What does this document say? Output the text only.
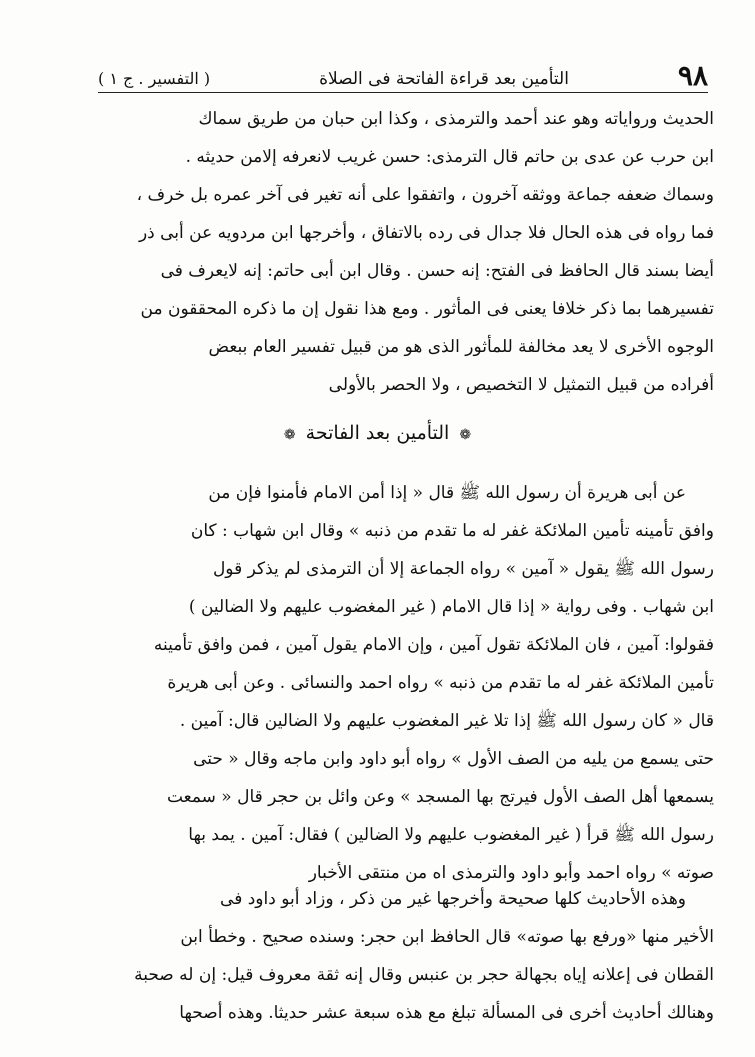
٩٨
التأمين بعد قراءة الفاتحة فى الصلاة
( التفسير . ج ١ )
الحديث ورواياته وهو عند أحمد والترمذى ، وكذا ابن حبان من طريق سماك
ابن حرب عن عدى بن حاتم قال الترمذى: حسن غريب لانعرفه إلامن حديثه .
وسماك ضعفه جماعة ووثقه آخرون ، واتفقوا على أنه تغير فى آخر عمره بل خرف ،
فما رواه فى هذه الحال فلا جدال فى رده بالاتفاق ، وأخرجها ابن مردويه عن أبى ذر
أيضا بسند قال الحافظ فى الفتح: إنه حسن . وقال ابن أبى حاتم: إنه لايعرف فى
تفسيرهما بما ذكر خلافا يعنى فى المأثور . ومع هذا نقول إن ما ذكره المحققون من
الوجوه الأخرى لا يعد مخالفة للمأثور الذى هو من قبيل تفسير العام ببعض
أفراده من قبيل التمثيل لا التخصيص ، ولا الحصر بالأولى
❁ التأمين بعد الفاتحة ❁
عن أبى هريرة أن رسول الله ﷺ قال « إذا أمن الامام فأمنوا فإن من
وافق تأمينه تأمين الملائكة غفر له ما تقدم من ذنبه » وقال ابن شهاب : كان
رسول الله ﷺ يقول « آمين » رواه الجماعة إلا أن الترمذى لم يذكر قول
ابن شهاب . وفى رواية « إذا قال الامام ( غير المغضوب عليهم ولا الضالين )
فقولوا: آمين ، فان الملائكة تقول آمين ، وإن الامام يقول آمين ، فمن وافق تأمينه
تأمين الملائكة غفر له ما تقدم من ذنبه » رواه احمد والنسائى . وعن أبى هريرة
قال « كان رسول الله ﷺ إذا تلا غير المغضوب عليهم ولا الضالين قال: آمين .
حتى يسمع من يليه من الصف الأول » رواه أبو داود وابن ماجه وقال « حتى
يسمعها أهل الصف الأول فيرتج بها المسجد » وعن وائل بن حجر قال « سمعت
رسول الله ﷺ قرأ ( غير المغضوب عليهم ولا الضالين ) فقال: آمين . يمد بها
صوته » رواه احمد وأبو داود والترمذى اه من منتقى الأخبار
وهذه الأحاديث كلها صحيحة وأخرجها غير من ذكر ، وزاد أبو داود فى
الأخير منها «ورفع بها صوته» قال الحافظ ابن حجر: وسنده صحيح . وخطأ ابن
القطان فى إعلانه إياه بجهالة حجر بن عنبس وقال إنه ثقة معروف قيل: إن له صحبة
وهنالك أحاديث أخرى فى المسألة تبلغ مع هذه سبعة عشر حديثا. وهذه أصحها
